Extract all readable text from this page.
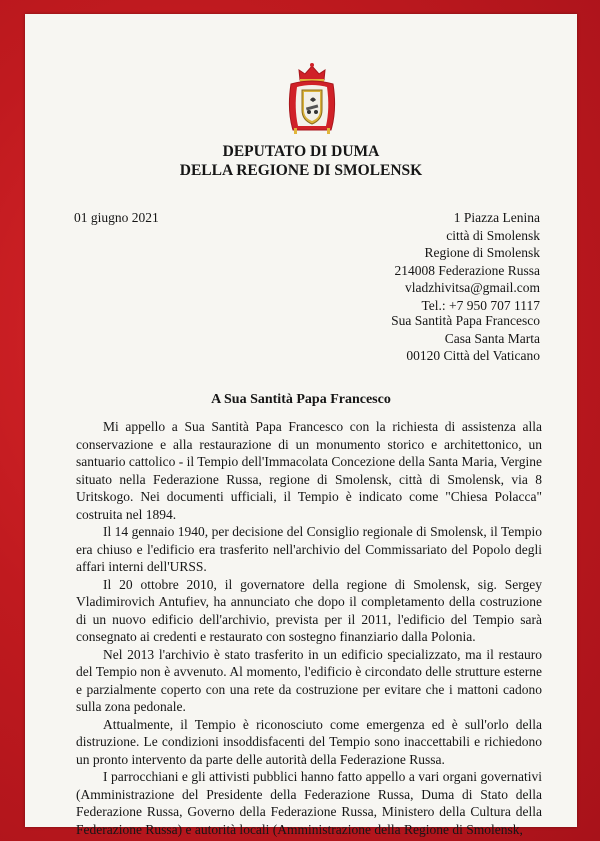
DEPUTATO DI DUMA
DELLA REGIONE DI SMOLENSK
01 giugno 2021	1 Piazza Lenina
città di Smolensk
Regione di Smolensk
214008 Federazione Russa
vladzhivitsa@gmail.com
Tel.: +7 950 707 1117
Sua Santità Papa Francesco
Casa Santa Marta
00120 Città del Vaticano
A Sua Santità Papa Francesco

Mi appello a Sua Santità Papa Francesco con la richiesta di assistenza alla conservazione e alla restaurazione di un monumento storico e architettonico, un santuario cattolico - il Tempio dell'Immacolata Concezione della Santa Maria, Vergine situato nella Federazione Russa, regione di Smolensk, città di Smolensk, via 8 Uritskogo. Nei documenti ufficiali, il Tempio è indicato come "Chiesa Polacca" costruita nel 1894.

Il 14 gennaio 1940, per decisione del Consiglio regionale di Smolensk, il Tempio era chiuso e l'edificio era trasferito nell'archivio del Commissariato del Popolo degli affari interni dell'URSS.

Il 20 ottobre 2010, il governatore della regione di Smolensk, sig. Sergey Vladimirovich Antufiev, ha annunciato che dopo il completamento della costruzione di un nuovo edificio dell'archivio, prevista per il 2011, l'edificio del Tempio sarà consegnato ai credenti e restaurato con sostegno finanziario dalla Polonia.

Nel 2013 l'archivio è stato trasferito in un edificio specializzato, ma il restauro del Tempio non è avvenuto. Al momento, l'edificio è circondato delle strutture esterne e parzialmente coperto con una rete da costruzione per evitare che i mattoni cadono sulla zona pedonale.

Attualmente, il Tempio è riconosciuto come emergenza ed è sull'orlo della distruzione. Le condizioni insoddisfacenti del Tempio sono inaccettabili e richiedono un pronto intervento da parte delle autorità della Federazione Russa.

I parrocchiani e gli attivisti pubblici hanno fatto appello a vari organi governativi (Amministrazione del Presidente della Federazione Russa, Duma di Stato della Federazione Russa, Governo della Federazione Russa, Ministero della Cultura della Federazione Russa) e autorità locali (Amministrazione della Regione di Smolensk,
